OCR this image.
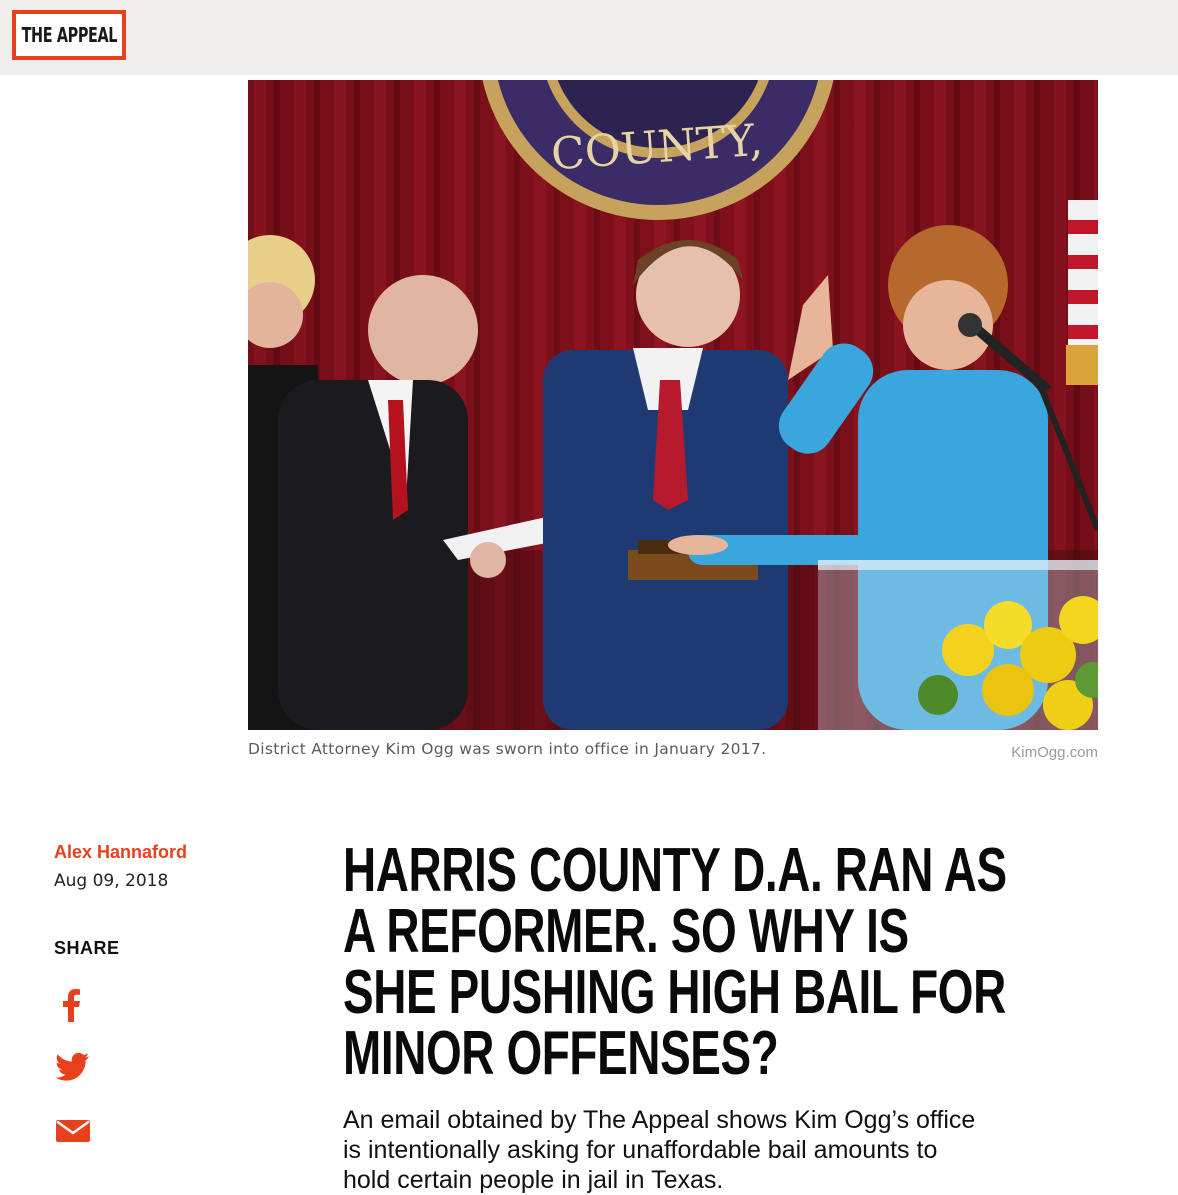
THE APPEAL
COUNTY,
District Attorney Kim Ogg was sworn into office in January 2017.	KimOgg.com
Alex Hannaford
Aug 09, 2018
SHARE
HARRIS COUNTY D.A. RAN AS A REFORMER. SO WHY IS SHE PUSHING HIGH BAIL FOR MINOR OFFENSES?

An email obtained by The Appeal shows Kim Ogg’s office is intentionally asking for unaffordable bail amounts to hold certain people in jail in Texas.
